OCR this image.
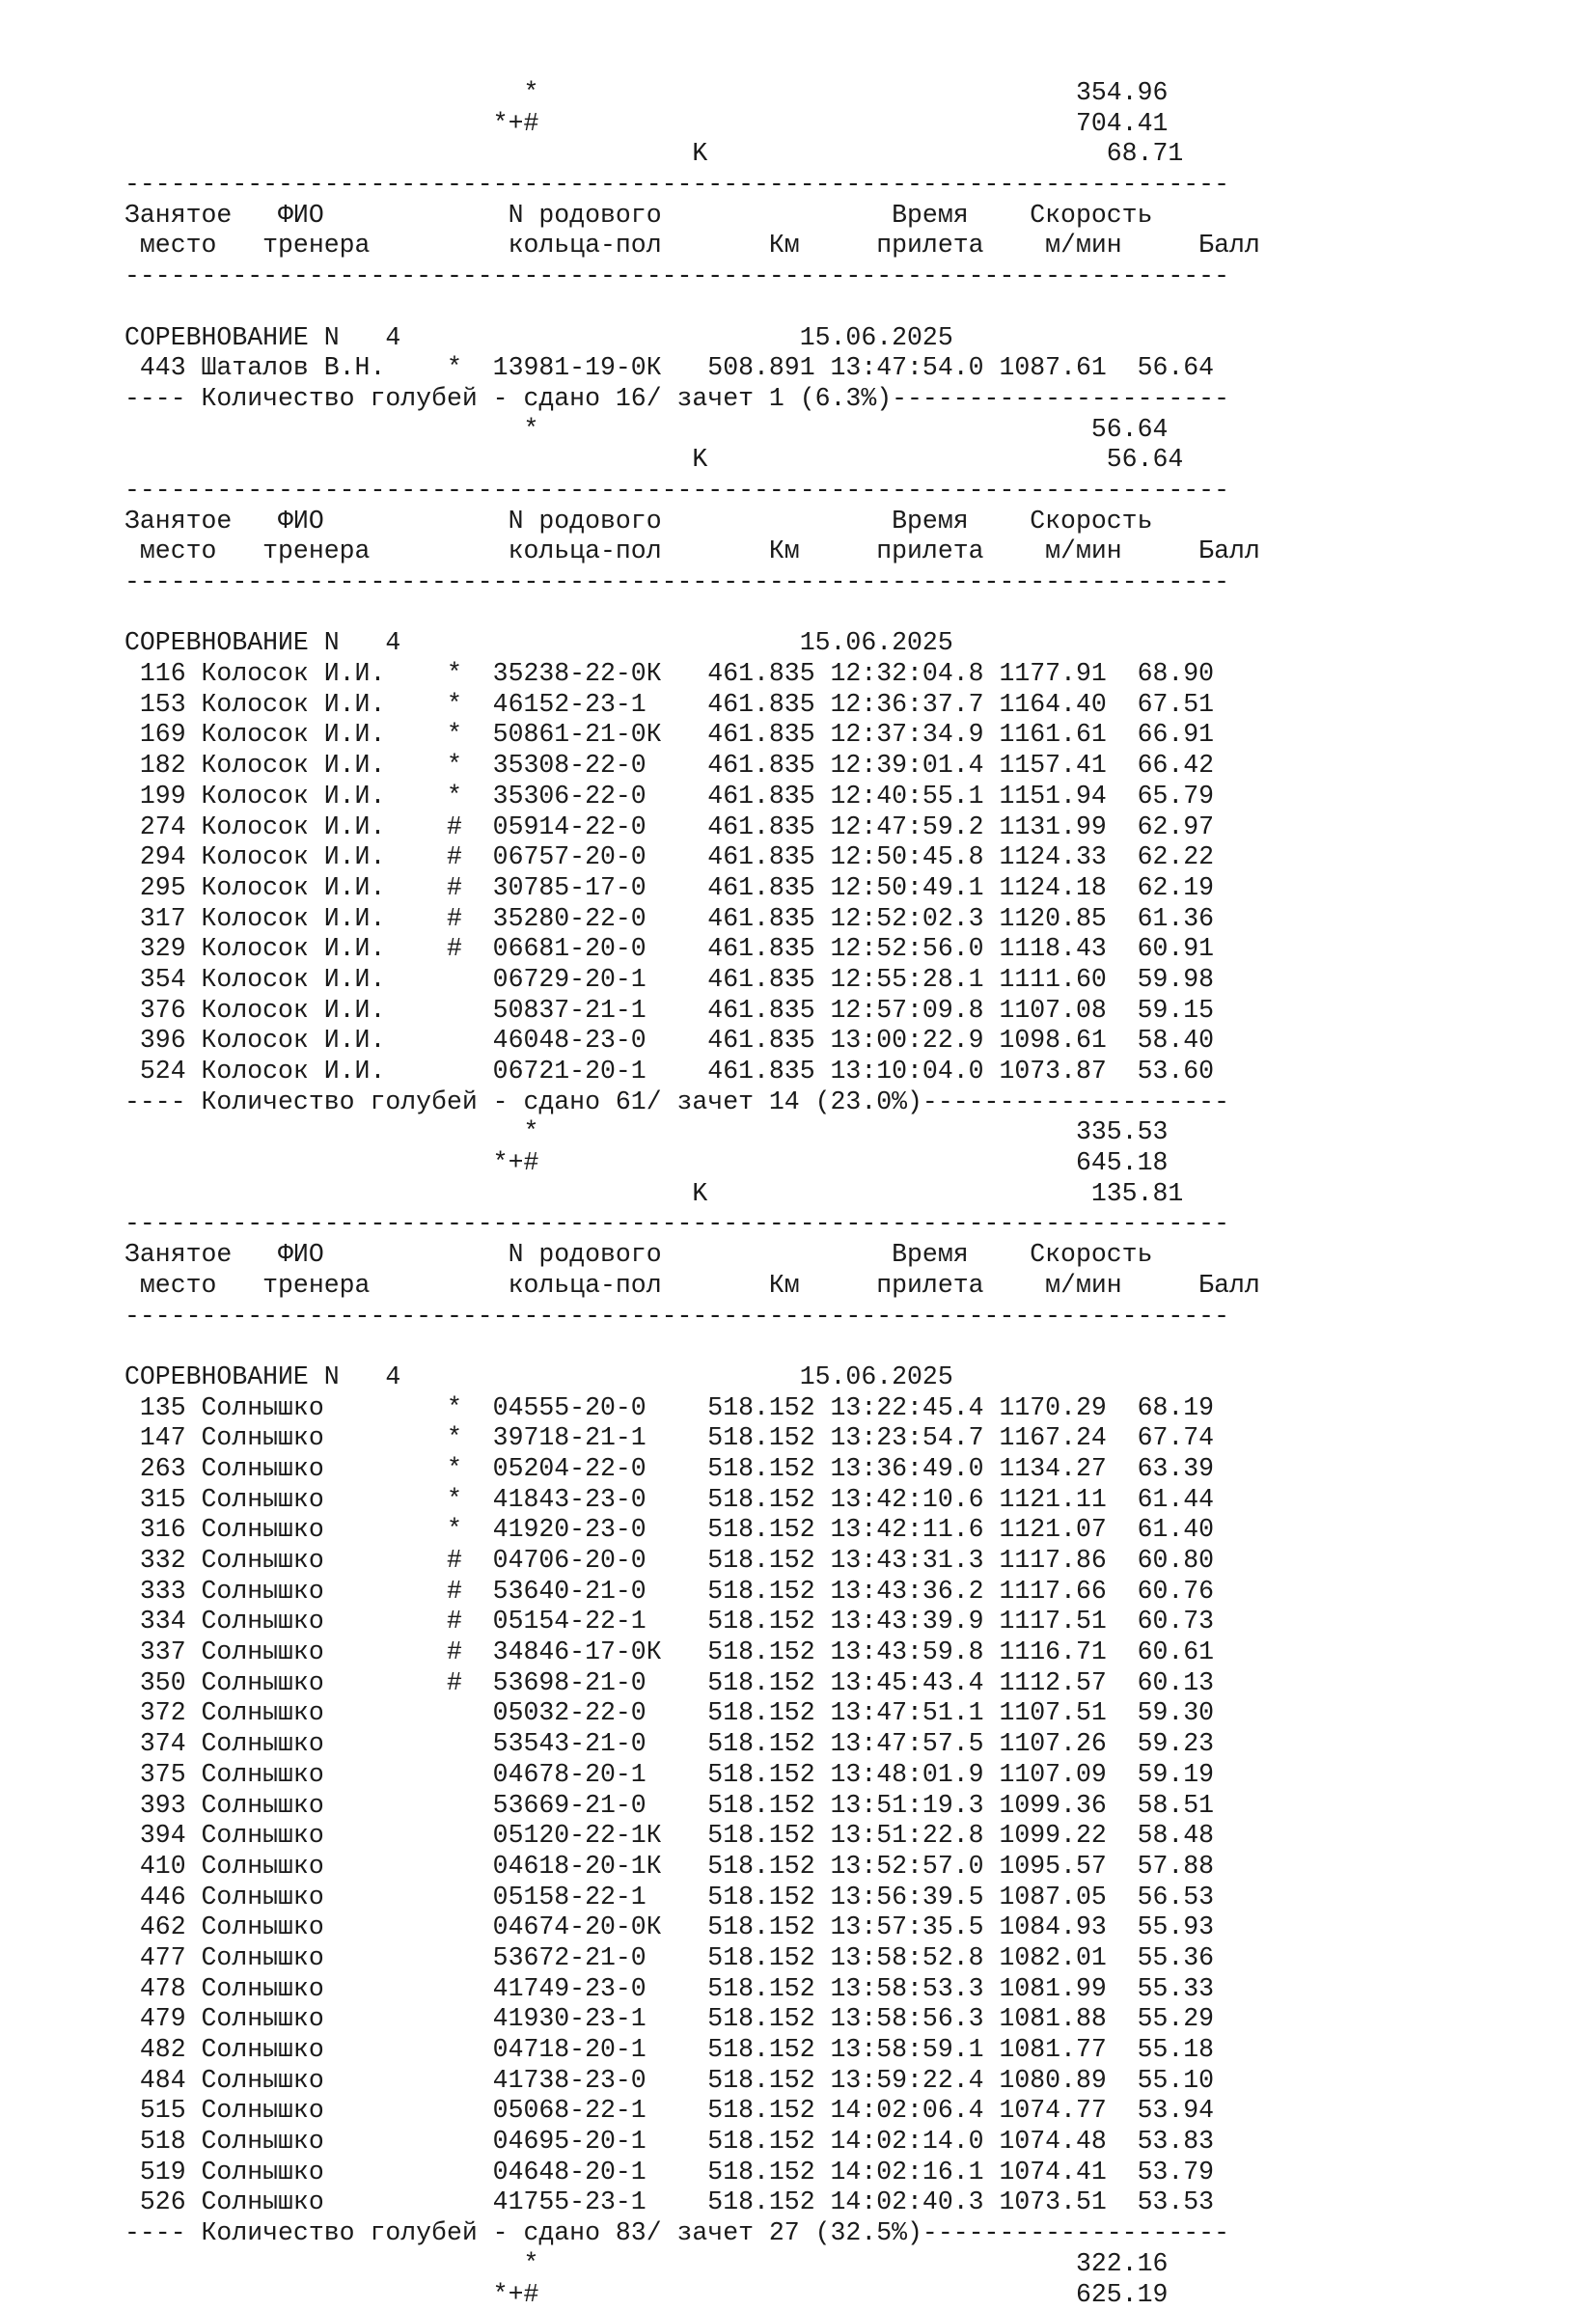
*                                   354.96
*+#                                   704.41
K                          68.71
------------------------------------------------------------------------
Занятое   ФИО            N родового               Время    Скорость
место   тренера         кольца-пол       Км     прилета    м/мин     Балл
------------------------------------------------------------------------
СОРЕВНОВАНИЕ N   4                          15.06.2025
443 Шаталов В.Н.    *  13981-19-0К   508.891 13:47:54.0 1087.61  56.64
---- Количество голубей - сдано 16/ зачет 1 (6.3%)----------------------
*                                    56.64
K                          56.64
------------------------------------------------------------------------
Занятое   ФИО            N родового               Время    Скорость
место   тренера         кольца-пол       Км     прилета    м/мин     Балл
------------------------------------------------------------------------
СОРЕВНОВАНИЕ N   4                          15.06.2025
116 Колосок И.И.    *  35238-22-0К   461.835 12:32:04.8 1177.91  68.90
153 Колосок И.И.    *  46152-23-1    461.835 12:36:37.7 1164.40  67.51
169 Колосок И.И.    *  50861-21-0К   461.835 12:37:34.9 1161.61  66.91
182 Колосок И.И.    *  35308-22-0    461.835 12:39:01.4 1157.41  66.42
199 Колосок И.И.    *  35306-22-0    461.835 12:40:55.1 1151.94  65.79
274 Колосок И.И.    #  05914-22-0    461.835 12:47:59.2 1131.99  62.97
294 Колосок И.И.    #  06757-20-0    461.835 12:50:45.8 1124.33  62.22
295 Колосок И.И.    #  30785-17-0    461.835 12:50:49.1 1124.18  62.19
317 Колосок И.И.    #  35280-22-0    461.835 12:52:02.3 1120.85  61.36
329 Колосок И.И.    #  06681-20-0    461.835 12:52:56.0 1118.43  60.91
354 Колосок И.И.       06729-20-1    461.835 12:55:28.1 1111.60  59.98
376 Колосок И.И.       50837-21-1    461.835 12:57:09.8 1107.08  59.15
396 Колосок И.И.       46048-23-0    461.835 13:00:22.9 1098.61  58.40
524 Колосок И.И.       06721-20-1    461.835 13:10:04.0 1073.87  53.60
---- Количество голубей - сдано 61/ зачет 14 (23.0%)--------------------
*                                   335.53
*+#                                   645.18
K                         135.81
------------------------------------------------------------------------
Занятое   ФИО            N родового               Время    Скорость
место   тренера         кольца-пол       Км     прилета    м/мин     Балл
------------------------------------------------------------------------
СОРЕВНОВАНИЕ N   4                          15.06.2025
135 Солнышко        *  04555-20-0    518.152 13:22:45.4 1170.29  68.19
147 Солнышко        *  39718-21-1    518.152 13:23:54.7 1167.24  67.74
263 Солнышко        *  05204-22-0    518.152 13:36:49.0 1134.27  63.39
315 Солнышко        *  41843-23-0    518.152 13:42:10.6 1121.11  61.44
316 Солнышко        *  41920-23-0    518.152 13:42:11.6 1121.07  61.40
332 Солнышко        #  04706-20-0    518.152 13:43:31.3 1117.86  60.80
333 Солнышко        #  53640-21-0    518.152 13:43:36.2 1117.66  60.76
334 Солнышко        #  05154-22-1    518.152 13:43:39.9 1117.51  60.73
337 Солнышко        #  34846-17-0К   518.152 13:43:59.8 1116.71  60.61
350 Солнышко        #  53698-21-0    518.152 13:45:43.4 1112.57  60.13
372 Солнышко           05032-22-0    518.152 13:47:51.1 1107.51  59.30
374 Солнышко           53543-21-0    518.152 13:47:57.5 1107.26  59.23
375 Солнышко           04678-20-1    518.152 13:48:01.9 1107.09  59.19
393 Солнышко           53669-21-0    518.152 13:51:19.3 1099.36  58.51
394 Солнышко           05120-22-1К   518.152 13:51:22.8 1099.22  58.48
410 Солнышко           04618-20-1К   518.152 13:52:57.0 1095.57  57.88
446 Солнышко           05158-22-1    518.152 13:56:39.5 1087.05  56.53
462 Солнышко           04674-20-0К   518.152 13:57:35.5 1084.93  55.93
477 Солнышко           53672-21-0    518.152 13:58:52.8 1082.01  55.36
478 Солнышко           41749-23-0    518.152 13:58:53.3 1081.99  55.33
479 Солнышко           41930-23-1    518.152 13:58:56.3 1081.88  55.29
482 Солнышко           04718-20-1    518.152 13:58:59.1 1081.77  55.18
484 Солнышко           41738-23-0    518.152 13:59:22.4 1080.89  55.10
515 Солнышко           05068-22-1    518.152 14:02:06.4 1074.77  53.94
518 Солнышко           04695-20-1    518.152 14:02:14.0 1074.48  53.83
519 Солнышко           04648-20-1    518.152 14:02:16.1 1074.41  53.79
526 Солнышко           41755-23-1    518.152 14:02:40.3 1073.51  53.53
---- Количество голубей - сдано 83/ зачет 27 (32.5%)--------------------
*                                   322.16
*+#                                   625.19
